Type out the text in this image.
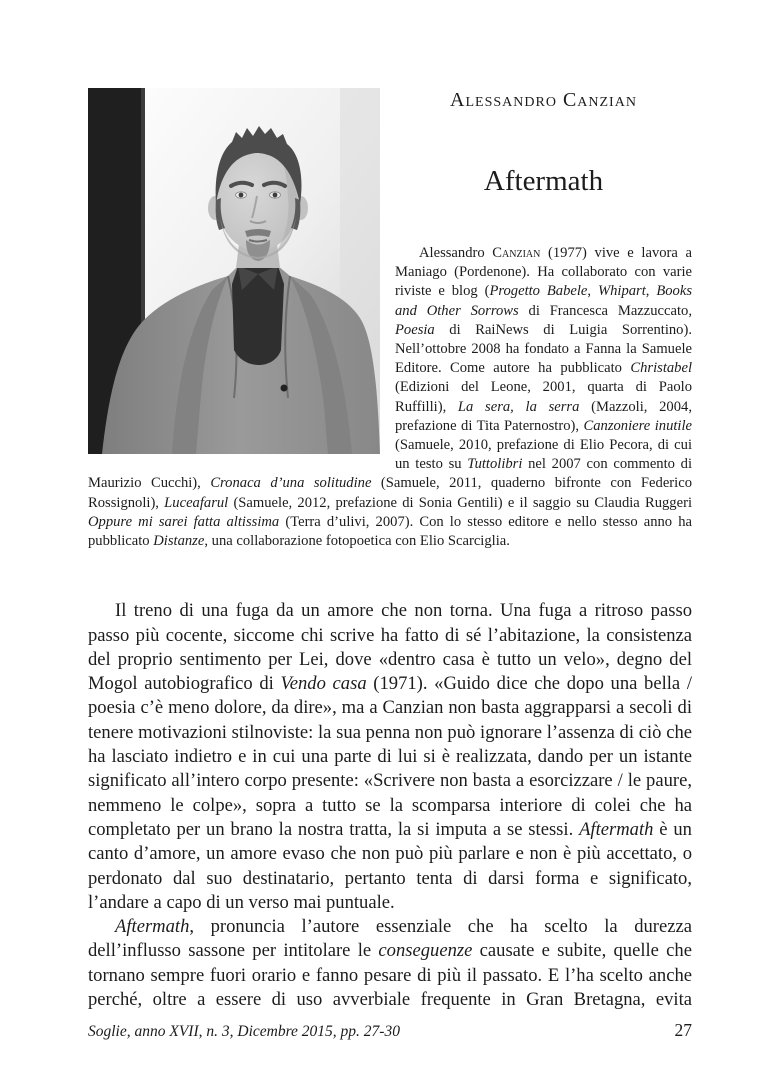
Alessandro Canzian
Aftermath

Alessandro Canzian (1977) vive e lavora a Maniago (Pordenone). Ha collaborato con varie riviste e blog (Progetto Babele, Whipart, Books and Other Sorrows di Francesca Mazzuccato, Poesia di RaiNews di Luigia Sorrentino). Nell’ottobre 2008 ha fondato a Fanna la Samuele Editore. Come autore ha pubblicato Christabel (Edizioni del Leone, 2001, quarta di Paolo Ruffilli), La sera, la serra (Mazzoli, 2004, prefazione di Tita Paternostro), Canzoniere inutile (Samuele, 2010, prefazione di Elio Pecora, di cui un testo su Tuttolibri nel 2007 con commento di Maurizio Cucchi), Cronaca d’una solitudine (Samuele, 2011, quaderno bifronte con Federico Rossignoli), Luceafarul (Samuele, 2012, prefazione di Sonia Gentili) e il saggio su Claudia Ruggeri Oppure mi sarei fatta altissima (Terra d’ulivi, 2007). Con lo stesso editore e nello stesso anno ha pubblicato Distanze, una collaborazione fotopoetica con Elio Scarciglia.

Il treno di una fuga da un amore che non torna. Una fuga a ritroso passo passo più cocente, siccome chi scrive ha fatto di sé l’abitazione, la consistenza del proprio sentimento per Lei, dove «dentro casa è tutto un velo», degno del Mogol autobiografico di Vendo casa (1971). «Guido dice che dopo una bella / poesia c’è meno dolore, da dire», ma a Canzian non basta aggrapparsi a secoli di tenere motivazioni stilnoviste: la sua penna non può ignorare l’assenza di ciò che ha lasciato indietro e in cui una parte di lui si è realizzata, dando per un istante significato all’intero corpo presente: «Scrivere non basta a esorcizzare / le paure, nemmeno le colpe», sopra a tutto se la scomparsa interiore di colei che ha completato per un brano la nostra tratta, la si imputa a se stessi. Aftermath è un canto d’amore, un amore evaso che non può più parlare e non è più accettato, o perdonato dal suo destinatario, pertanto tenta di darsi forma e significato, l’andare a capo di un verso mai puntuale.

Aftermath, pronuncia l’autore essenziale che ha scelto la durezza dell’influsso sassone per intitolare le conseguenze causate e subite, quelle che tornano sempre fuori orario e fanno pesare di più il passato. E l’ha scelto anche perché, oltre a essere di uso avverbiale frequente in Gran Bretagna, evita

Soglie, anno XVII, n. 3, Dicembre 2015, pp. 27-30	27
